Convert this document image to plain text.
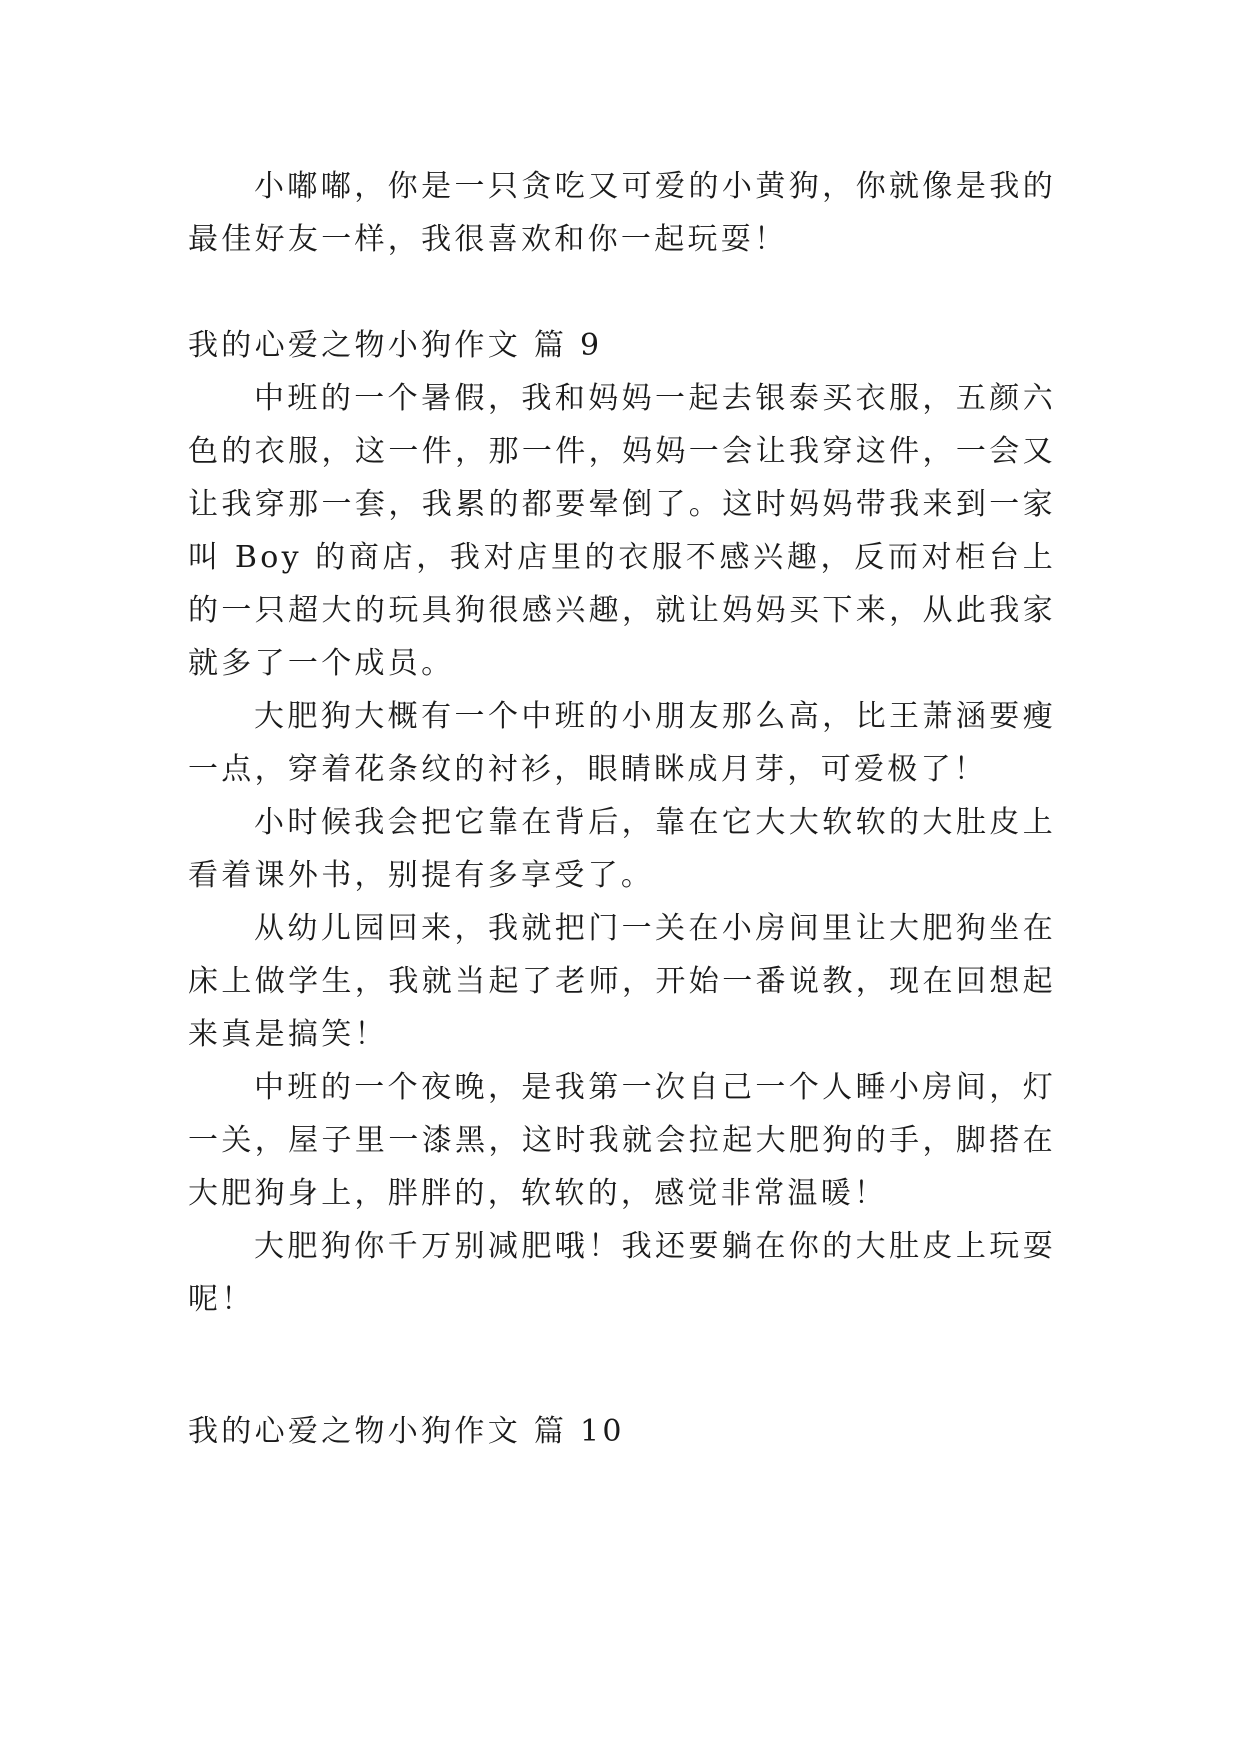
小嘟嘟，你是一只贪吃又可爱的小黄狗，你就像是我的最佳好友一样，我很喜欢和你一起玩耍！

我的心爱之物小狗作文 篇 9

中班的一个暑假，我和妈妈一起去银泰买衣服，五颜六色的衣服，这一件，那一件，妈妈一会让我穿这件，一会又让我穿那一套，我累的都要晕倒了。这时妈妈带我来到一家叫 Boy 的商店，我对店里的衣服不感兴趣，反而对柜台上的一只超大的玩具狗很感兴趣，就让妈妈买下来，从此我家就多了一个成员。

大肥狗大概有一个中班的小朋友那么高，比王萧涵要瘦一点，穿着花条纹的衬衫，眼睛眯成月芽，可爱极了！

小时候我会把它靠在背后，靠在它大大软软的大肚皮上看着课外书，别提有多享受了。

从幼儿园回来，我就把门一关在小房间里让大肥狗坐在床上做学生，我就当起了老师，开始一番说教，现在回想起来真是搞笑！

中班的一个夜晚，是我第一次自己一个人睡小房间，灯一关，屋子里一漆黑，这时我就会拉起大肥狗的手，脚搭在大肥狗身上，胖胖的，软软的，感觉非常温暖！

大肥狗你千万别减肥哦！我还要躺在你的大肚皮上玩耍呢！

我的心爱之物小狗作文 篇 10
